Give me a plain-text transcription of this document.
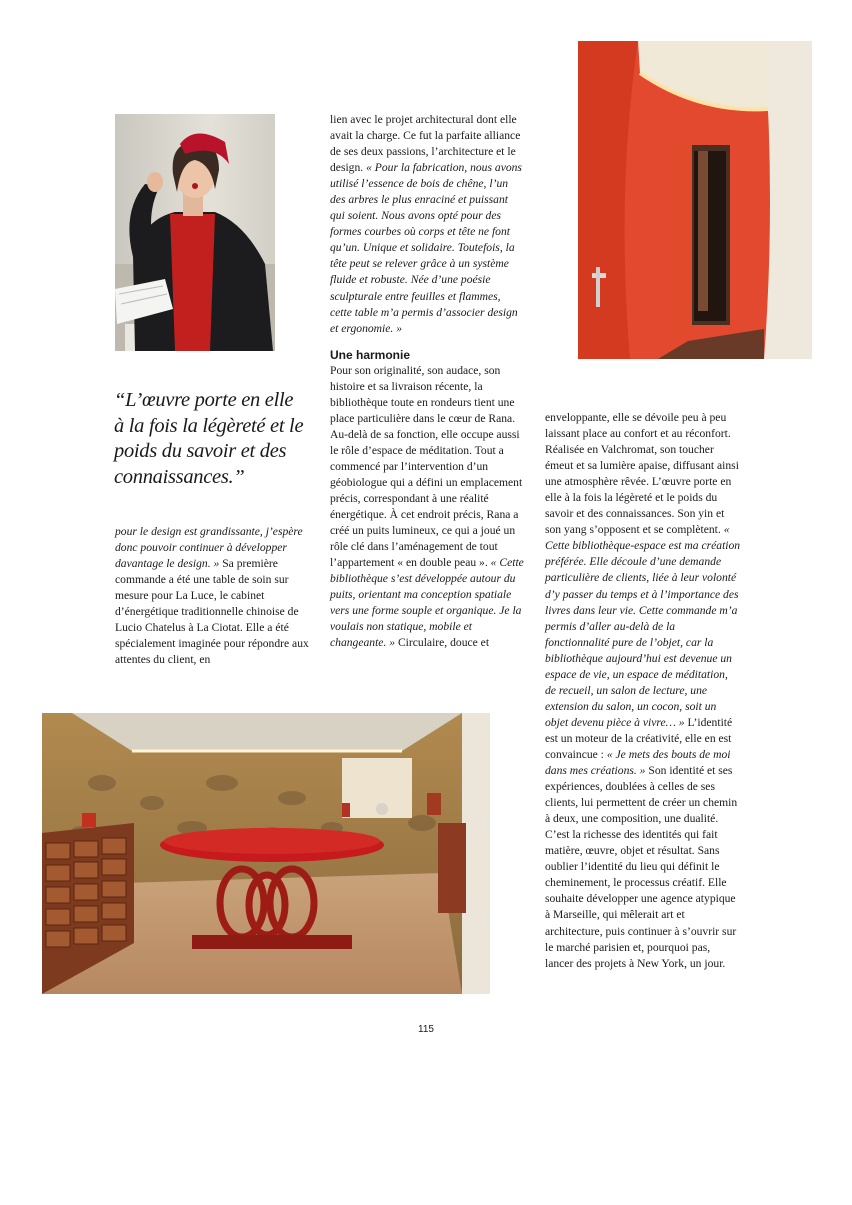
“L’œuvre porte en elle à la fois la légèreté et le poids du savoir et des connaissances.”
pour le design est grandissante, j’espère donc pouvoir continuer à développer davantage le design. » Sa première commande a été une table de soin sur mesure pour La Luce, le cabinet d’énergétique traditionnelle chinoise de Lucio Chatelus à La Ciotat. Elle a été spécialement imaginée pour répondre aux attentes du client, en
lien avec le projet architectural dont elle avait la charge. Ce fut la parfaite alliance de ses deux passions, l’architecture et le design. « Pour la fabrication, nous avons utilisé l’essence de bois de chêne, l’un des arbres le plus enraciné et puissant qui soient. Nous avons opté pour des formes courbes où corps et tête ne font qu’un. Unique et solidaire. Toutefois, la tête peut se relever grâce à un système fluide et robuste. Née d’une poésie sculpturale entre feuilles et flammes, cette table m’a permis d’associer design et ergonomie. »
Une harmonie
Pour son originalité, son audace, son histoire et sa livraison récente, la bibliothèque toute en rondeurs tient une place particulière dans le cœur de Rana. Au-delà de sa fonction, elle occupe aussi le rôle d’espace de méditation. Tout a commencé par l’intervention d’un géobiologue qui a défini un emplacement précis, correspondant à une réalité énergétique. À cet endroit précis, Rana a créé un puits lumineux, ce qui a joué un rôle clé dans l’aménagement de tout l’appartement « en double peau ». « Cette bibliothèque s’est développée autour du puits, orientant ma conception spatiale vers une forme souple et organique. Je la voulais non statique, mobile et changeante. » Circulaire, douce et
enveloppante, elle se dévoile peu à peu laissant place au confort et au réconfort. Réalisée en Valchromat, son toucher émeut et sa lumière apaise, diffusant ainsi une atmosphère rêvée. L’œuvre porte en elle à la fois la légèreté et le poids du savoir et des connaissances. Son yin et son yang s’opposent et se complètent. « Cette bibliothèque-espace est ma création préférée. Elle découle d’une demande particulière de clients, liée à leur volonté d’y passer du temps et à l’importance des livres dans leur vie. Cette commande m’a permis d’aller au-delà de la fonctionnalité pure de l’objet, car la bibliothèque aujourd’hui est devenue un espace de vie, un espace de méditation, de recueil, un salon de lecture, une extension du salon, un cocon, soit un objet devenu pièce à vivre… » L’identité est un moteur de la créativité, elle en est convaincue : « Je mets des bouts de moi dans mes créations. » Son identité et ses expériences, doublées à celles de ses clients, lui permettent de créer un chemin à deux, une composition, une dualité. C’est la richesse des identités qui fait matière, œuvre, objet et résultat. Sans oublier l’identité du lieu qui définit le cheminement, le processus créatif. Elle souhaite développer une agence atypique à Marseille, qui mêlerait art et architecture, puis continuer à s’ouvrir sur le marché parisien et, pourquoi pas, lancer des projets à New York, un jour.
115
